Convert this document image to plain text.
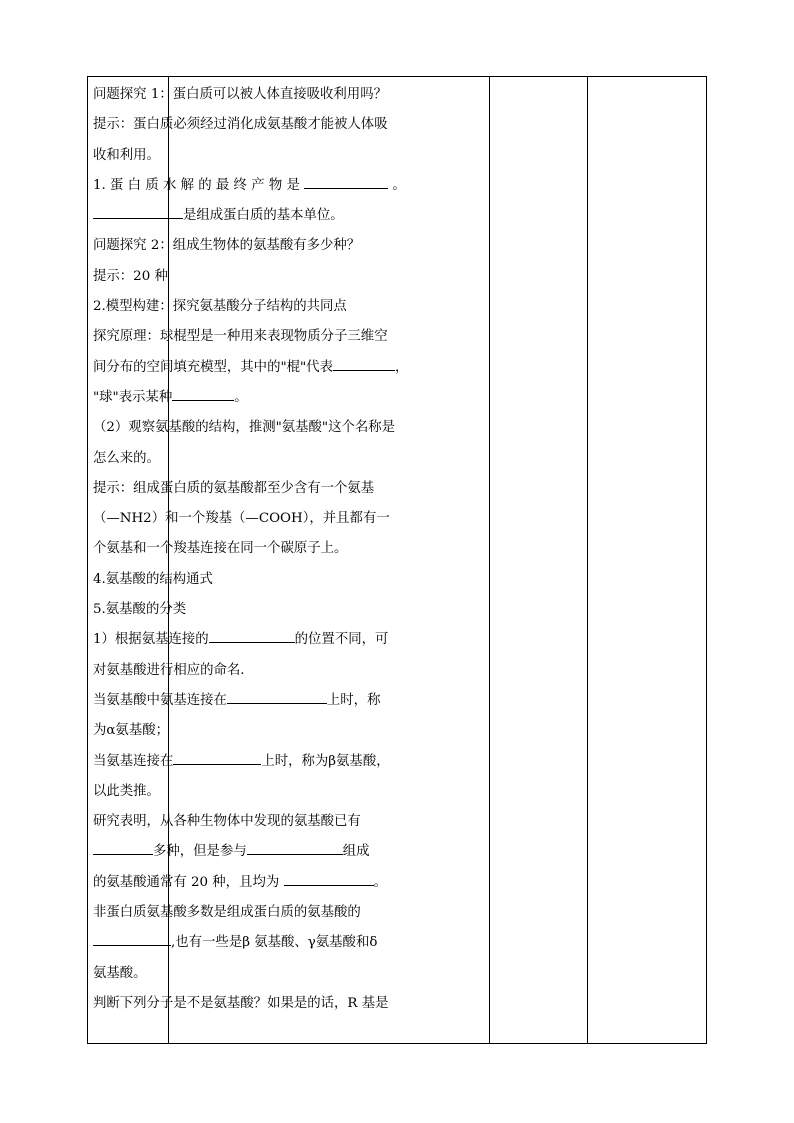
问题探究 1：蛋白质可以被人体直接吸收利用吗？

提示：蛋白质必须经过消化成氨基酸才能被人体吸

收和利用。

1. 蛋 白 质 水 解 的 最 终 产 物 是	。

是组成蛋白质的基本单位。

问题探究 2：组成生物体的氨基酸有多少种？

提示：20 种

2.模型构建：探究氨基酸分子结构的共同点

探究原理：球棍型是一种用来表现物质分子三维空

间分布的空间填充模型，其中的"棍"代表	，

"球"表示某种	。

（2）观察氨基酸的结构，推测"氨基酸"这个名称是

怎么来的。

提示：组成蛋白质的氨基酸都至少含有一个氨基

（—NH2）和一个羧基（—COOH），并且都有一

个氨基和一个羧基连接在同一个碳原子上。

4.氨基酸的结构通式

5.氨基酸的分类

1）根据氨基连接的	的位置不同，可

对氨基酸进行相应的命名.

当氨基酸中氨基连接在	上时，称

为α氨基酸；

当氨基连接在	上时，称为β氨基酸，

以此类推。

研究表明，从各种生物体中发现的氨基酸已有

多种，但是参与	组成

的氨基酸通常有 20 种，且均为	。

非蛋白质氨基酸多数是组成蛋白质的氨基酸的

,也有一些是β 氨基酸、γ氨基酸和δ

氨基酸。

判断下列分子是不是氨基酸？如果是的话，R 基是
